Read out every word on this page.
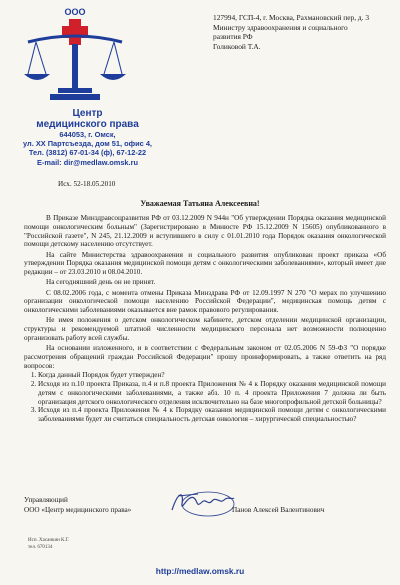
ООО
Центр
медицинского права
644053, г. Омск,
ул. XX Партсъезда, дом 51, офис 4,
Тел. (3812) 67-01-34 (ф), 67-12-22
E-mail: dir@medlaw.omsk.ru
127994, ГСП-4, г. Москва, Рахмановский пер, д. 3
Министру здравоохранения и социального
развития РФ
Голиковой Т.А.
Исх. 52-18.05.2010
Уважаемая Татьяна Алексеевна!

В Приказе Минздравсоцразвития РФ от 03.12.2009 N 944н "Об утверждении Порядка оказания медицинской помощи онкологическим больным" (Зарегистрировано в Минюсте РФ 15.12.2009 N 15605) опубликованного в "Российской газете", N 245, 21.12.2009 и вступившего в силу с 01.01.2010 года Порядок оказания онкологической помощи детскому населению отсутствует.

На сайте Министерства здравоохранения и социального развития опубликован проект приказа «Об утверждении Порядка оказания медицинской помощи детям с онкологическими заболеваниями», который имеет дне редакции – от 23.03.2010 и 08.04.2010.

На сегодняшний день он не принят.

С 08.02.2006 года, с момента отмены Приказа Минздрава РФ от 12.09.1997 N 270 "О мерах по улучшению организации онкологической помощи населению Российской Федерации", медицинская помощь детям с онкологическими заболеваниями оказывается вне рамок правового регулирования.

Не имея положения о детском онкологическом кабинете, детском отделении медицинской организации, структуры и рекомендуемой штатной численности медицинского персонала нет возможности полноценно организовать работу всей службы.

На основании изложенного, и в соответствии с Федеральным законом от 02.05.2006 N 59-ФЗ "О порядке рассмотрения обращений граждан Российской Федерации" прошу проинформировать, а также ответить на ряд вопросов:

1. Когда данный Порядок будет утвержден?
2. Исходя из п.10 проекта Приказа, п.4 и п.8 проекта Приложения № 4 к Порядку оказания медицинской помощи детям с онкологическими заболеваниями, а также абз. 10 п. 4 проекта Приложения 7 должна ли быть организация детского онкологического отделения исключительно на базе многопрофильной детской больницы?
3. Исходя из п.4 проекта Приложения № 4 к Порядку оказания медицинской помощи детям с онкологическими заболеваниями будет ли считаться специальность детская онкология – хирургической специальностью?
Управляющий
ООО «Центр медицинского права»	Панов Алексей Валентинович
Исп. Хасанкин К.Г.
тел. 670134
http://medlaw.omsk.ru
